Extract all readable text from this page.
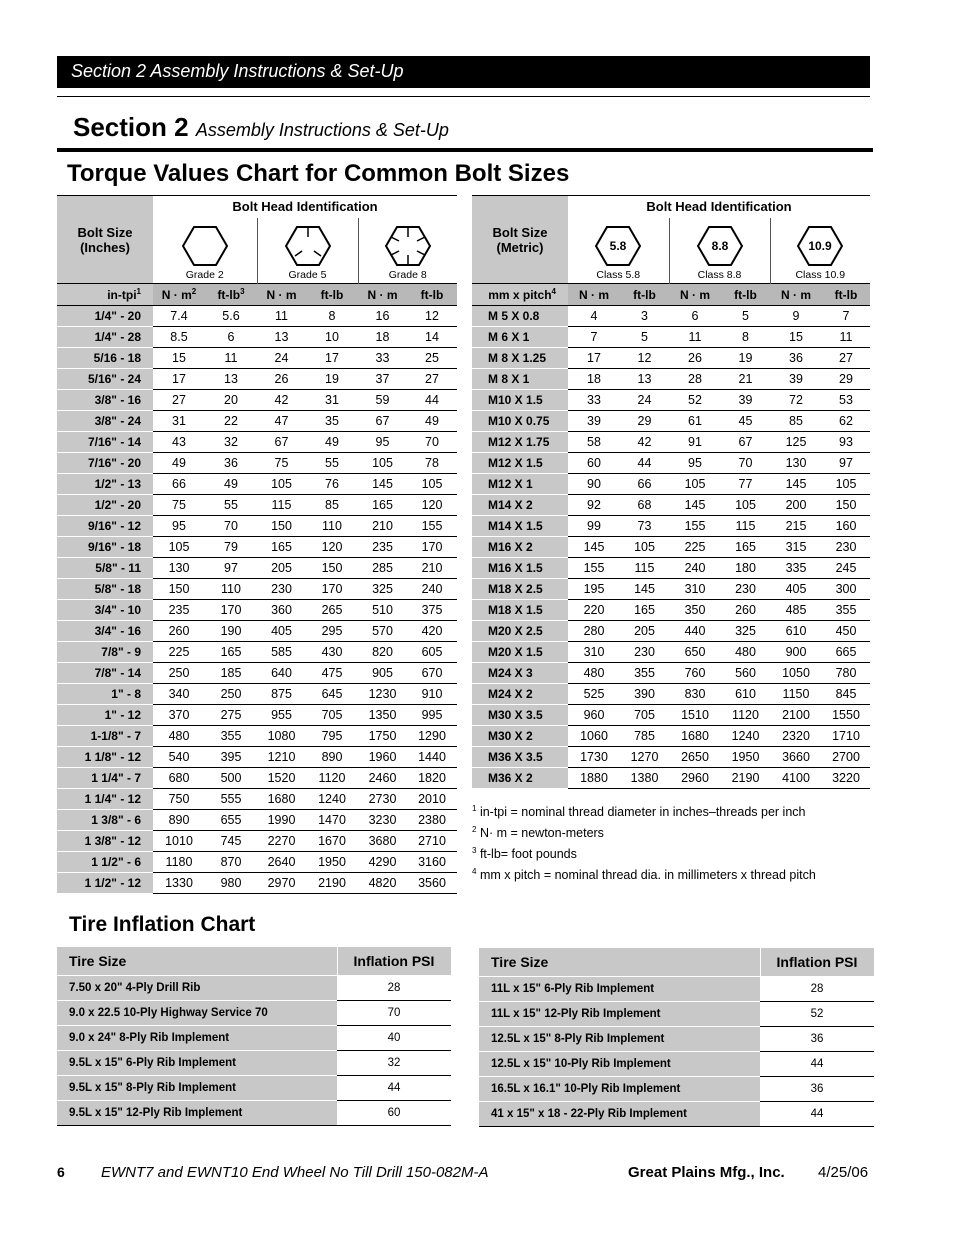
Section 2 Assembly Instructions & Set-Up
Section 2 Assembly Instructions & Set-Up
Torque Values Chart for Common Bolt Sizes
Bolt Size
(Inches)	Bolt Head Identification					

Grade 2		Grade 5		Grade 8	
in-tpi$^1$	$N \cdot m^2$	$ft-lb^3$	N · m	ft-lb	N · m	ft-lb
1/4" - 20	7.4	5.6	11	8	16	12
1/4" - 28	8.5	6	13	10	18	14
5/16 - 18	15	11	24	17	33	25
5/16" - 24	17	13	26	19	37	27
3/8" - 16	27	20	42	31	59	44
3/8" - 24	31	22	47	35	67	49
7/16" - 14	43	32	67	49	95	70
7/16" - 20	49	36	75	55	105	78
1/2" - 13	66	49	105	76	145	105
1/2" - 20	75	55	115	85	165	120
9/16" - 12	95	70	150	110	210	155
9/16" - 18	105	79	165	120	235	170
5/8" - 11	130	97	205	150	285	210
5/8" - 18	150	110	230	170	325	240
3/4" - 10	235	170	360	265	510	375
3/4" - 16	260	190	405	295	570	420
7/8" - 9	225	165	585	430	820	605
7/8" - 14	250	185	640	475	905	670
1" - 8	340	250	875	645	1230	910
1" - 12	370	275	955	705	1350	995
1-1/8" - 7	480	355	1080	795	1750	1290
1 1/8" - 12	540	395	1210	890	1960	1440
1 1/4" - 7	680	500	1520	1120	2460	1820
1 1/4" - 12	750	555	1680	1240	2730	2010
1 3/8" - 6	890	655	1990	1470	3230	2380
1 3/8" - 12	1010	745	2270	1670	3680	2710
1 1/2" - 6	1180	870	2640	1950	4290	3160
1 1/2" - 12	1330	980	2970	2190	4820	3560
Bolt Size
(Metric)	Bolt Head Identification					

5.8
Class 5.8		8.8
Class 8.8		10.9
Class 10.9	
mm x pitch$^4$	N · m	ft-lb	N · m	ft-lb	N · m	ft-lb
M 5 X 0.8	4	3	6	5	9	7
M 6 X 1	7	5	11	8	15	11
M 8 X 1.25	17	12	26	19	36	27
M 8 X 1	18	13	28	21	39	29
M10 X 1.5	33	24	52	39	72	53
M10 X 0.75	39	29	61	45	85	62
M12 X 1.75	58	42	91	67	125	93
M12 X 1.5	60	44	95	70	130	97
M12 X 1	90	66	105	77	145	105
M14 X 2	92	68	145	105	200	150
M14 X 1.5	99	73	155	115	215	160
M16 X 2	145	105	225	165	315	230
M16 X 1.5	155	115	240	180	335	245
M18 X 2.5	195	145	310	230	405	300
M18 X 1.5	220	165	350	260	485	355
M20 X 2.5	280	205	440	325	610	450
M20 X 1.5	310	230	650	480	900	665
M24 X 3	480	355	760	560	1050	780
M24 X 2	525	390	830	610	1150	845
M30 X 3.5	960	705	1510	1120	2100	1550
M30 X 2	1060	785	1680	1240	2320	1710
M36 X 3.5	1730	1270	2650	1950	3660	2700
M36 X 2	1880	1380	2960	2190	4100	3220
$^1$ in-tpi = nominal thread diameter in inches–threads per inch
$^2$ N· m = newton-meters
$^3$ ft-lb= foot pounds
$^4$ mm x pitch = nominal thread dia. in millimeters x thread pitch
Tire Inflation Chart
Tire Size	Inflation PSI
7.50 x 20" 4-Ply Drill Rib	28
9.0 x 22.5 10-Ply Highway Service 70	70
9.0 x 24" 8-Ply Rib Implement	40
9.5L x 15" 6-Ply Rib Implement	32
9.5L x 15" 8-Ply Rib Implement	44
9.5L x 15" 12-Ply Rib Implement	60
Tire Size	Inflation PSI
11L x 15" 6-Ply Rib Implement	28
11L x 15" 12-Ply Rib Implement	52
12.5L x 15" 8-Ply Rib Implement	36
12.5L x 15" 10-Ply Rib Implement	44
16.5L x 16.1" 10-Ply Rib Implement	36
41 x 15" x 18 - 22-Ply Rib Implement	44
6 EWNT7 and EWNT10 End Wheel No Till Drill 150-082M-A	Great Plains Mfg., Inc. 4/25/06
